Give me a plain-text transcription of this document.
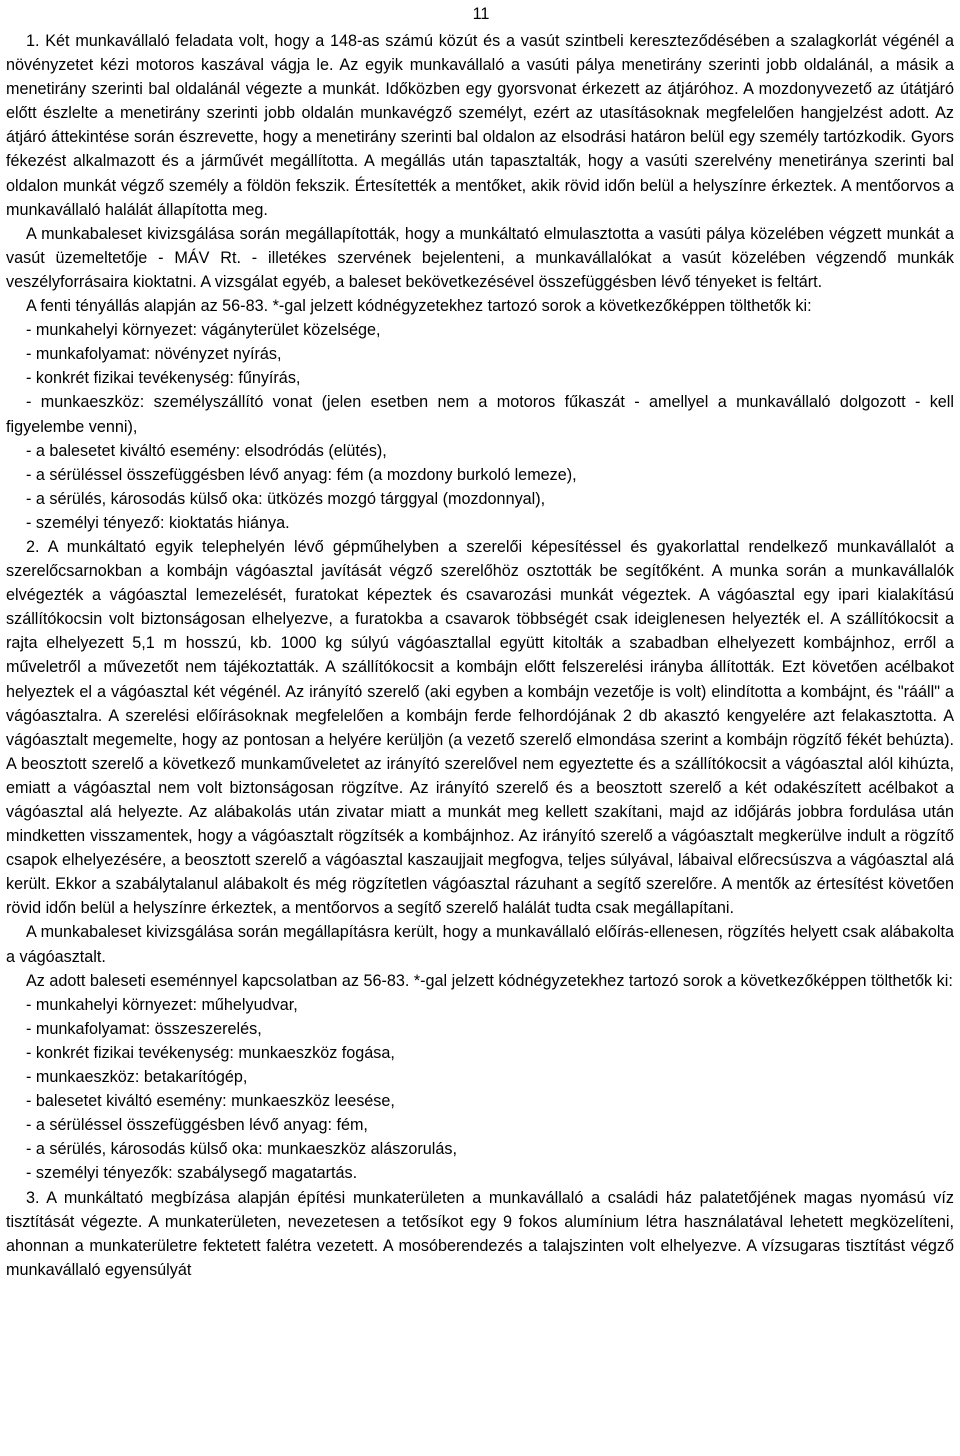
11

1. Két munkavállaló feladata volt, hogy a 148-as számú közút és a vasút szintbeli kereszteződésében a szalagkorlát végénél a növényzetet kézi motoros kaszával vágja le. Az egyik munkavállaló a vasúti pálya menetirány szerinti jobb oldalánál, a másik a menetirány szerinti bal oldalánál végezte a munkát. Időközben egy gyorsvonat érkezett az átjáróhoz. A mozdonyvezető az útátjáró előtt észlelte a menetirány szerinti jobb oldalán munkavégző személyt, ezért az utasításoknak megfelelően hangjelzést adott. Az átjáró áttekintése során észrevette, hogy a menetirány szerinti bal oldalon az elsodrási határon belül egy személy tartózkodik. Gyors fékezést alkalmazott és a járművét megállította. A megállás után tapasztalták, hogy a vasúti szerelvény menetiránya szerinti bal oldalon munkát végző személy a földön fekszik. Értesítették a mentőket, akik rövid időn belül a helyszínre érkeztek. A mentőorvos a munkavállaló halálát állapította meg.

A munkabaleset kivizsgálása során megállapították, hogy a munkáltató elmulasztotta a vasúti pálya közelében végzett munkát a vasút üzemeltetője - MÁV Rt. - illetékes szervének bejelenteni, a munkavállalókat a vasút közelében végzendő munkák veszélyforrásaira kioktatni. A vizsgálat egyéb, a baleset bekövetkezésével összefüggésben lévő tényeket is feltárt.

A fenti tényállás alapján az 56-83. *-gal jelzett kódnégyzetekhez tartozó sorok a következőképpen tölthetők ki:

- munkahelyi környezet: vágányterület közelsége,

- munkafolyamat: növényzet nyírás,

- konkrét fizikai tevékenység: fűnyírás,

- munkaeszköz: személyszállító vonat (jelen esetben nem a motoros fűkaszát - amellyel a munkavállaló dolgozott - kell figyelembe venni),

- a balesetet kiváltó esemény: elsodródás (elütés),

- a sérüléssel összefüggésben lévő anyag: fém (a mozdony burkoló lemeze),

- a sérülés, károsodás külső oka: ütközés mozgó tárggyal (mozdonnyal),

- személyi tényező: kioktatás hiánya.

2. A munkáltató egyik telephelyén lévő gépműhelyben a szerelői képesítéssel és gyakorlattal rendelkező munkavállalót a szerelőcsarnokban a kombájn vágóasztal javítását végző szerelőhöz osztották be segítőként. A munka során a munkavállalók elvégezték a vágóasztal lemezelését, furatokat képeztek és csavarozási munkát végeztek. A vágóasztal egy ipari kialakítású szállítókocsin volt biztonságosan elhelyezve, a furatokba a csavarok többségét csak ideiglenesen helyezték el. A szállítókocsit a rajta elhelyezett 5,1 m hosszú, kb. 1000 kg súlyú vágóasztallal együtt kitolták a szabadban elhelyezett kombájnhoz, erről a műveletről a művezetőt nem tájékoztatták. A szállítókocsit a kombájn előtt felszerelési irányba állították. Ezt követően acélbakot helyeztek el a vágóasztal két végénél. Az irányító szerelő (aki egyben a kombájn vezetője is volt) elindította a kombájnt, és "rááll" a vágóasztalra. A szerelési előírásoknak megfelelően a kombájn ferde felhordójának 2 db akasztó kengyelére azt felakasztotta. A vágóasztalt megemelte, hogy az pontosan a helyére kerüljön (a vezető szerelő elmondása szerint a kombájn rögzítő fékét behúzta). A beosztott szerelő a következő munkaműveletet az irányító szerelővel nem egyeztette és a szállítókocsit a vágóasztal alól kihúzta, emiatt a vágóasztal nem volt biztonságosan rögzítve. Az irányító szerelő és a beosztott szerelő a két odakészített acélbakot a vágóasztal alá helyezte. Az alábakolás után zivatar miatt a munkát meg kellett szakítani, majd az időjárás jobbra fordulása után mindketten visszamentek, hogy a vágóasztalt rögzítsék a kombájnhoz. Az irányító szerelő a vágóasztalt megkerülve indult a rögzítő csapok elhelyezésére, a beosztott szerelő a vágóasztal kaszaujjait megfogva, teljes súlyával, lábaival előrecsúszva a vágóasztal alá került. Ekkor a szabálytalanul alábakolt és még rögzítetlen vágóasztal rázuhant a segítő szerelőre. A mentők az értesítést követően rövid időn belül a helyszínre érkeztek, a mentőorvos a segítő szerelő halálát tudta csak megállapítani.

A munkabaleset kivizsgálása során megállapításra került, hogy a munkavállaló előírás-ellenesen, rögzítés helyett csak alábakolta a vágóasztalt.

Az adott baleseti eseménnyel kapcsolatban az 56-83. *-gal jelzett kódnégyzetekhez tartozó sorok a következőképpen tölthetők ki:

- munkahelyi környezet: műhelyudvar,

- munkafolyamat: összeszerelés,

- konkrét fizikai tevékenység: munkaeszköz fogása,

- munkaeszköz: betakarítógép,

- balesetet kiváltó esemény: munkaeszköz leesése,

- a sérüléssel összefüggésben lévő anyag: fém,

- a sérülés, károsodás külső oka: munkaeszköz alászorulás,

- személyi tényezők: szabálysegő magatartás.

3. A munkáltató megbízása alapján építési munkaterületen a munkavállaló a családi ház palatetőjének magas nyomású víz tisztítását végezte. A munkaterületen, nevezetesen a tetősíkot egy 9 fokos alumínium létra használatával lehetett megközelíteni, ahonnan a munkaterületre fektetett falétra vezetett. A mosóberendezés a talajszinten volt elhelyezve. A vízsugaras tisztítást végző munkavállaló egyensúlyát
